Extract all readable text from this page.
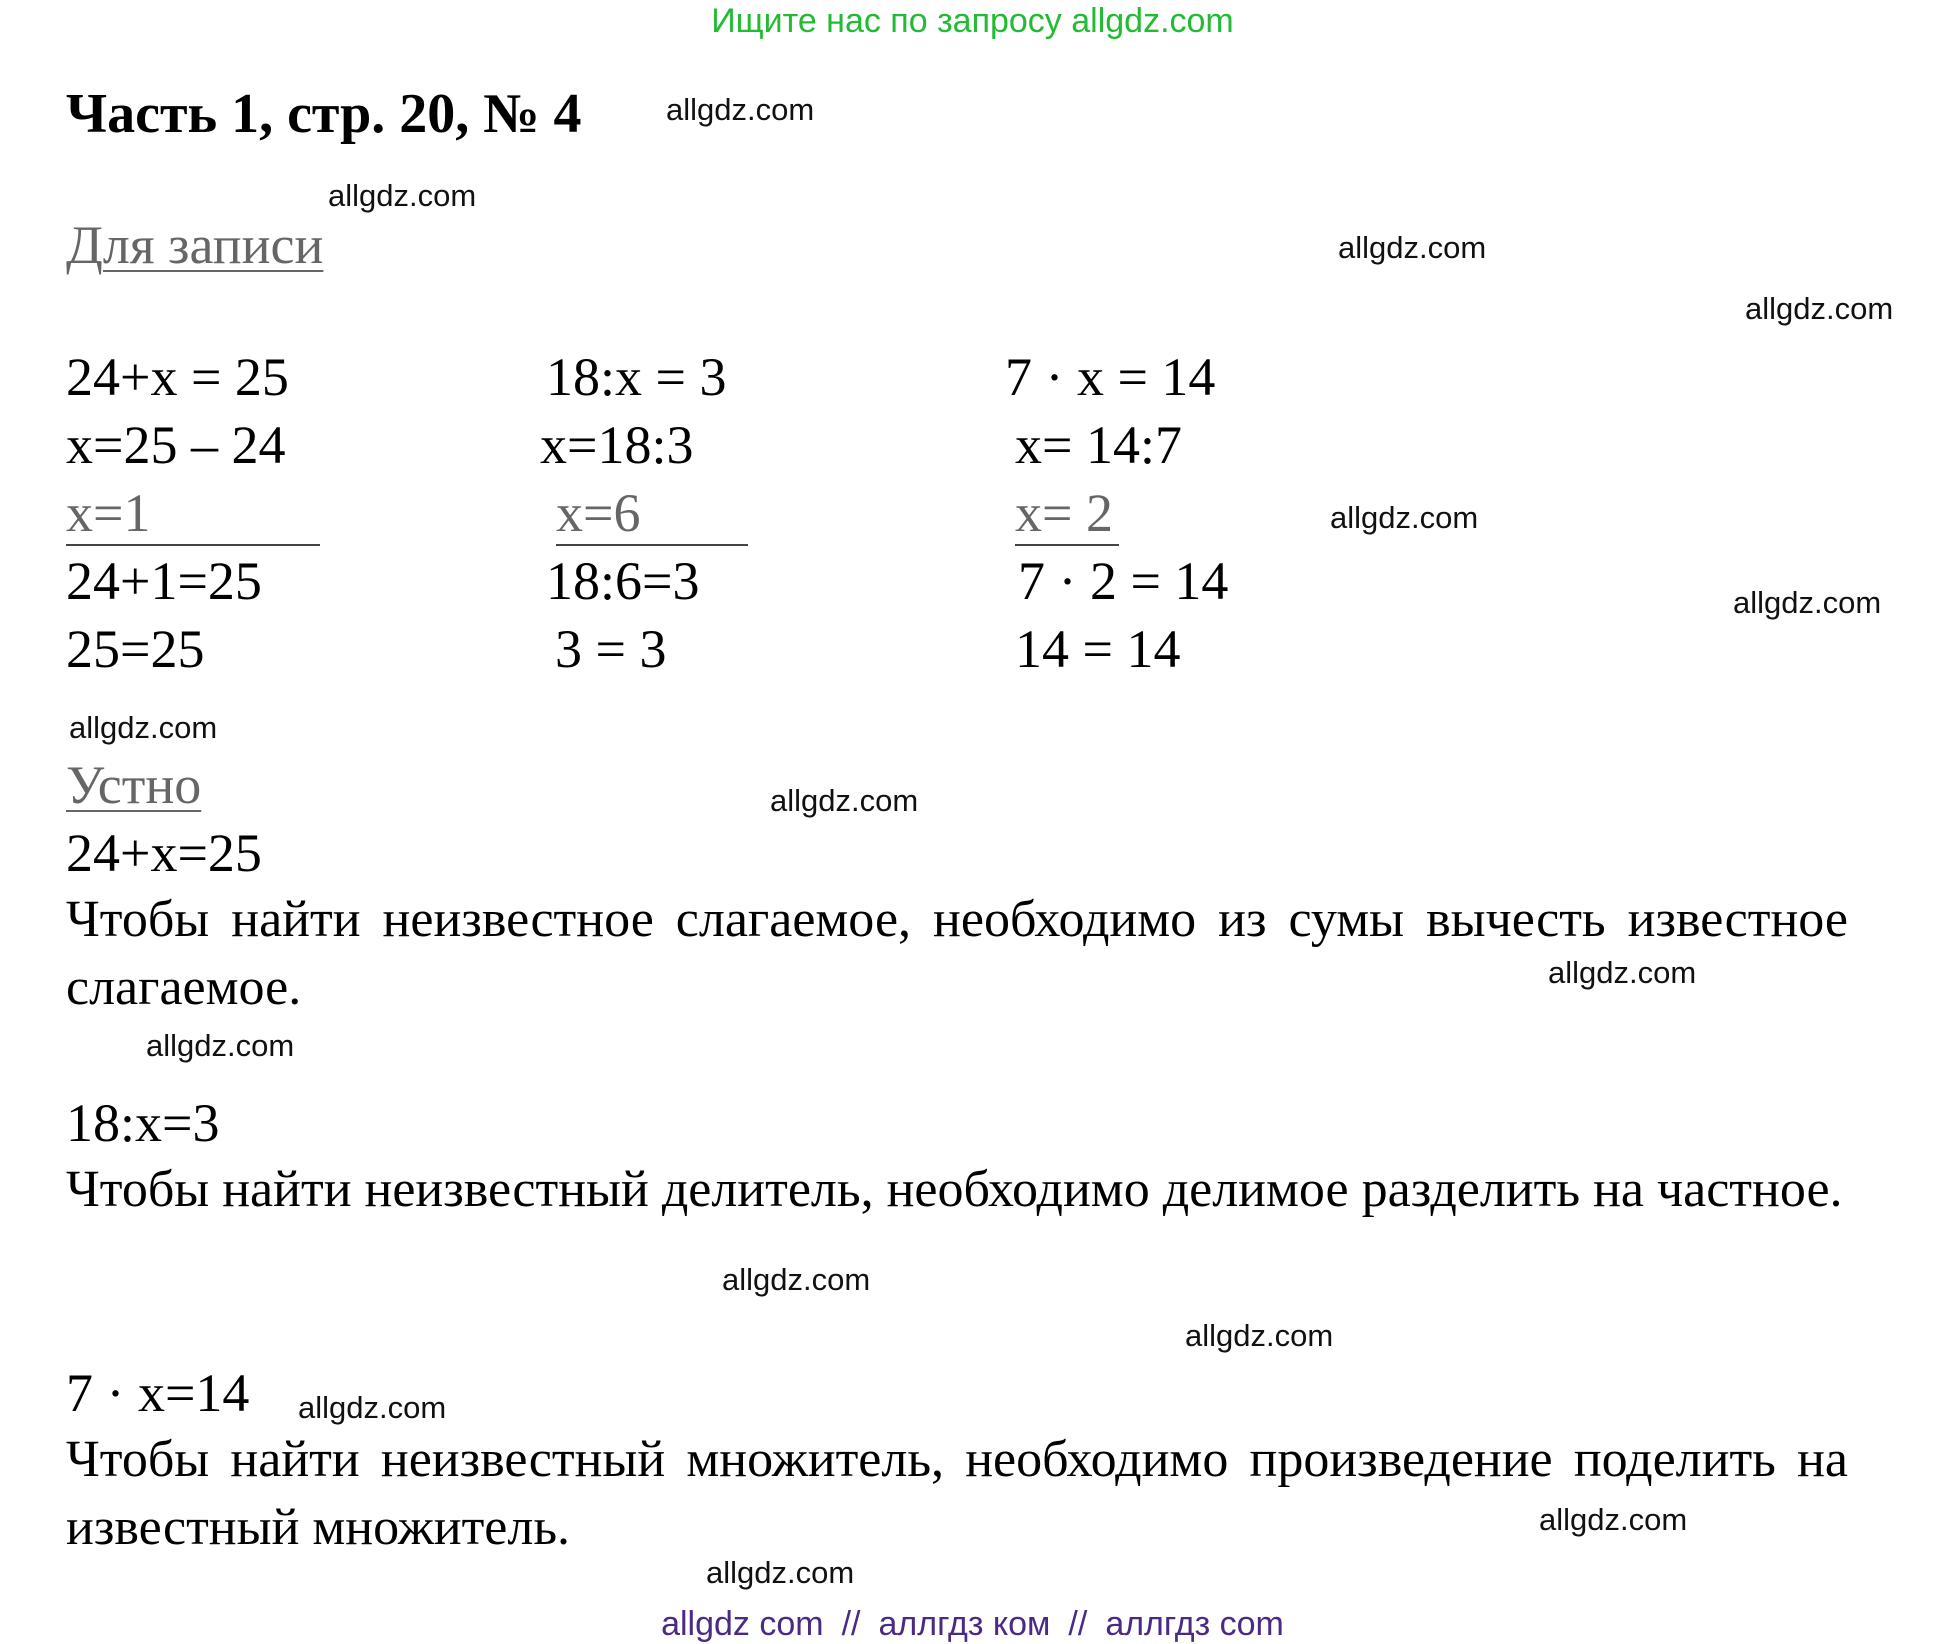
Ищите нас по запросу allgdz.com
Часть 1, стр. 20, № 4	allgdz.com
allgdz.com
allgdz.com
allgdz.com
allgdz.com
allgdz.com
allgdz.com
allgdz.com
allgdz.com
allgdz.com
allgdz.com
allgdz.com
allgdz.com
allgdz.com
allgdz.com
Для записи
24+x = 25
x=25 – 24
x=1
24+1=25
25=25
18:x = 3
x=18:3
x=6
18:6=3
3 = 3
7 · x = 14
x= 14:7
x= 2
7 · 2 = 14
14 = 14
Устно
24+x=25
Чтобы найти неизвестное слагаемое, необходимо из сумы вычесть известное слагаемое.
18:x=3
Чтобы найти неизвестный делитель, необходимо делимое разделить на частное.
7 · x=14
Чтобы найти неизвестный множитель, необходимо произведение поделить на известный множитель.
allgdz com // аллгдз ком // аллгдз com
